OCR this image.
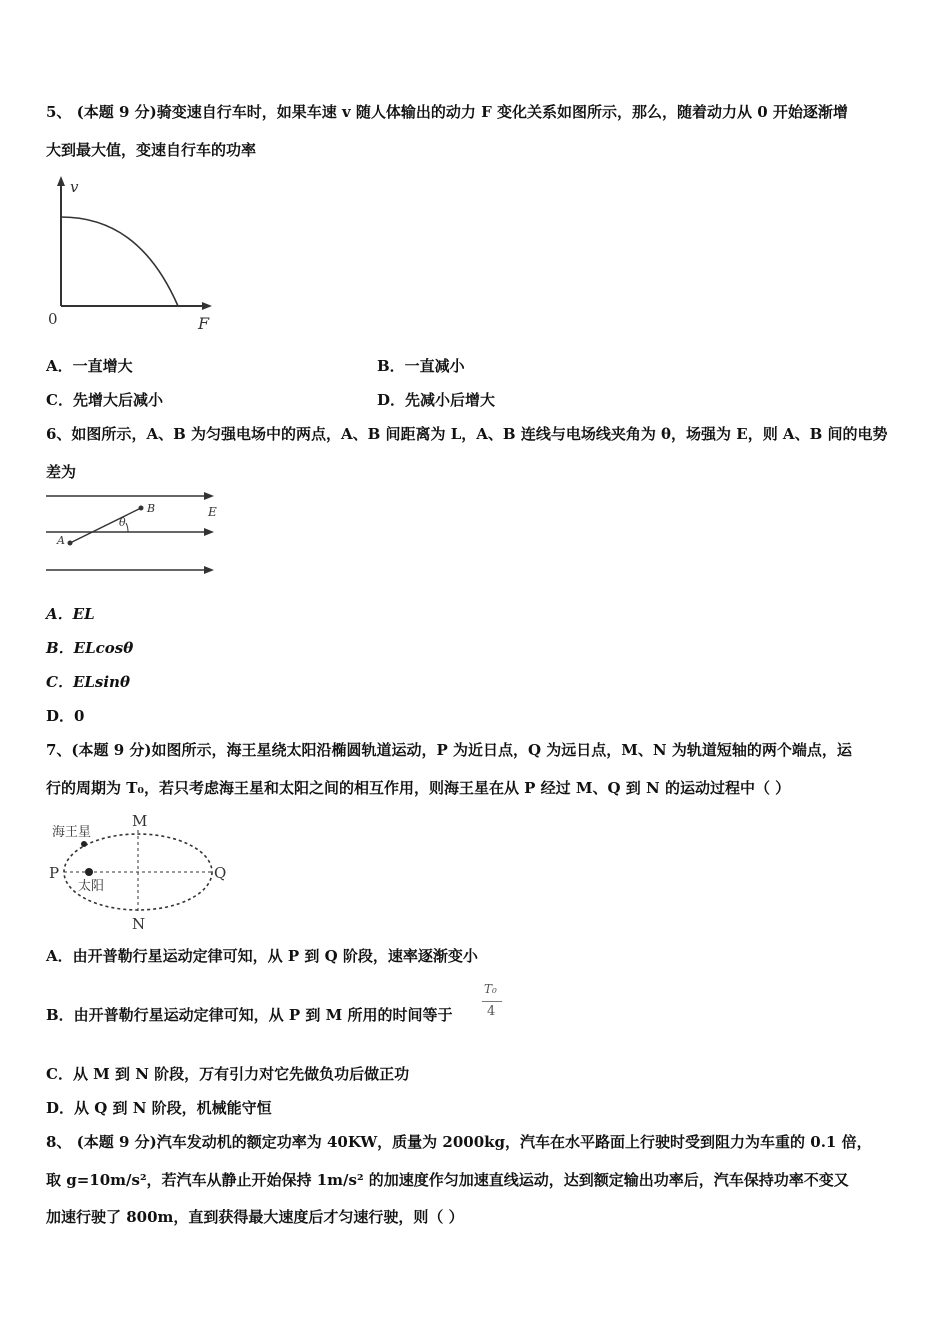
5、 (本题 9 分)骑变速自行车时，如果车速 v 随人体输出的动力 F 变化关系如图所示，那么，随着动力从 0 开始逐渐增
大到最大值，变速自行车的功率
v
F
0
A．一直增大	B．一直减小
C．先增大后减小	D．先减小后增大
6、如图所示，A、B 为匀强电场中的两点，A、B 间距离为 L，A、B 连线与电场线夹角为 θ，场强为 E，则 A、B 间的电势
差为
A
B
θ
E
A．EL
B．ELcosθ
C．ELsinθ
D．0
7、(本题 9 分)如图所示，海王星绕太阳沿椭圆轨道运动，P 为近日点，Q 为远日点，M、N 为轨道短轴的两个端点，运
行的周期为 T₀，若只考虑海王星和太阳之间的相互作用，则海王星在从 P 经过 M、Q 到 N 的运动过程中（ ）
海王星
太阳
P	Q
M
N
A．由开普勒行星运动定律可知，从 P 到 Q 阶段，速率逐渐变小
B．由开普勒行星运动定律可知，从 P 到 M 所用的时间等于
T₀
4
C．从 M 到 N 阶段，万有引力对它先做负功后做正功
D．从 Q 到 N 阶段，机械能守恒
8、 (本题 9 分)汽车发动机的额定功率为 40KW，质量为 2000kg，汽车在水平路面上行驶时受到阻力为车重的 0.1 倍，
取 g=10m/s²，若汽车从静止开始保持 1m/s² 的加速度作匀加速直线运动，达到额定输出功率后，汽车保持功率不变又
加速行驶了 800m，直到获得最大速度后才匀速行驶，则（ ）
